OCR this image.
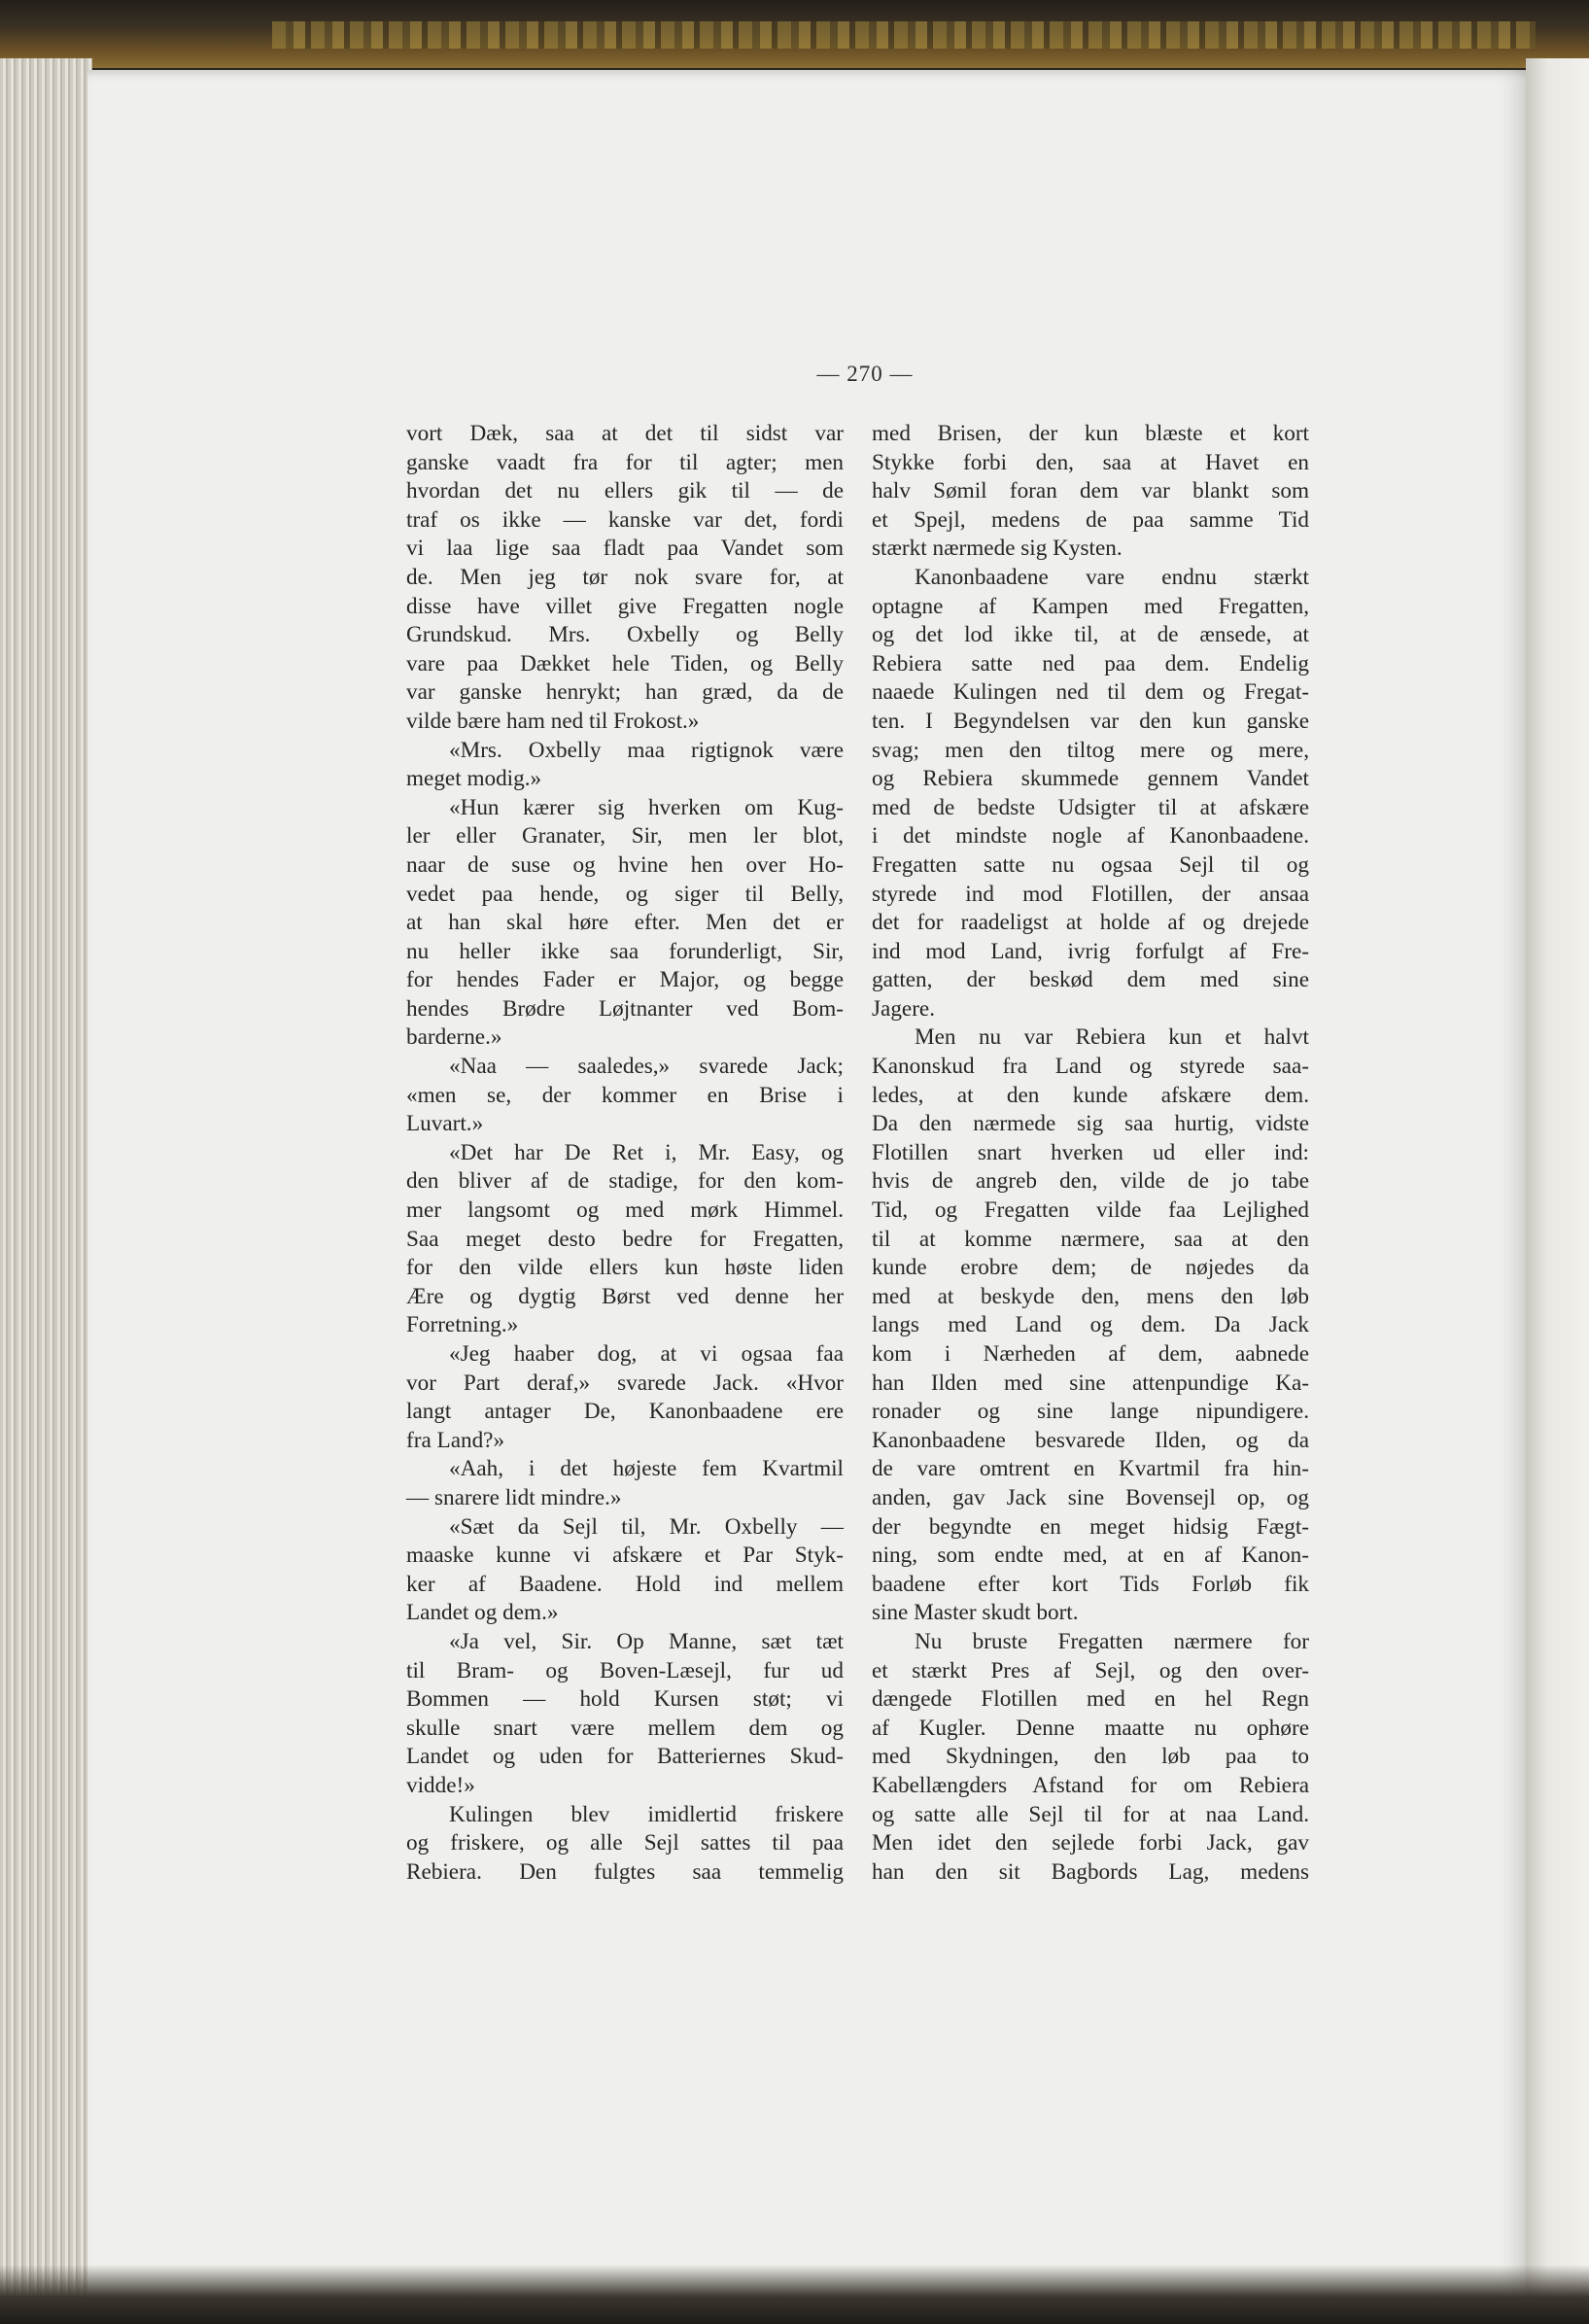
— 270 —
vort Dæk, saa at det til sidst var
ganske vaadt fra for til agter; men
hvordan det nu ellers gik til — de
traf os ikke — kanske var det, fordi
vi laa lige saa fladt paa Vandet som
de. Men jeg tør nok svare for, at
disse have villet give Fregatten nogle
Grundskud. Mrs. Oxbelly og Belly
vare paa Dækket hele Tiden, og Belly
var ganske henrykt; han græd, da de
vilde bære ham ned til Frokost.»
«Mrs. Oxbelly maa rigtignok være
meget modig.»
«Hun kærer sig hverken om Kug-
ler eller Granater, Sir, men ler blot,
naar de suse og hvine hen over Ho-
vedet paa hende, og siger til Belly,
at han skal høre efter. Men det er
nu heller ikke saa forunderligt, Sir,
for hendes Fader er Major, og begge
hendes Brødre Løjtnanter ved Bom-
barderne.»
«Naa — saaledes,» svarede Jack;
«men se, der kommer en Brise i
Luvart.»
«Det har De Ret i, Mr. Easy, og
den bliver af de stadige, for den kom-
mer langsomt og med mørk Himmel.
Saa meget desto bedre for Fregatten,
for den vilde ellers kun høste liden
Ære og dygtig Børst ved denne her
Forretning.»
«Jeg haaber dog, at vi ogsaa faa
vor Part deraf,» svarede Jack. «Hvor
langt antager De, Kanonbaadene ere
fra Land?»
«Aah, i det højeste fem Kvartmil
— snarere lidt mindre.»
«Sæt da Sejl til, Mr. Oxbelly —
maaske kunne vi afskære et Par Styk-
ker af Baadene. Hold ind mellem
Landet og dem.»
«Ja vel, Sir. Op Manne, sæt tæt
til Bram- og Boven-Læsejl, fur ud
Bommen — hold Kursen støt; vi
skulle snart være mellem dem og
Landet og uden for Batteriernes Skud-
vidde!»
Kulingen blev imidlertid friskere
og friskere, og alle Sejl sattes til paa
Rebiera. Den fulgtes saa temmelig
med Brisen, der kun blæste et kort
Stykke forbi den, saa at Havet en
halv Sømil foran dem var blankt som
et Spejl, medens de paa samme Tid
stærkt nærmede sig Kysten.
Kanonbaadene vare endnu stærkt
optagne af Kampen med Fregatten,
og det lod ikke til, at de ænsede, at
Rebiera satte ned paa dem. Endelig
naaede Kulingen ned til dem og Fregat-
ten. I Begyndelsen var den kun ganske
svag; men den tiltog mere og mere,
og Rebiera skummede gennem Vandet
med de bedste Udsigter til at afskære
i det mindste nogle af Kanonbaadene.
Fregatten satte nu ogsaa Sejl til og
styrede ind mod Flotillen, der ansaa
det for raadeligst at holde af og drejede
ind mod Land, ivrig forfulgt af Fre-
gatten, der beskød dem med sine
Jagere.
Men nu var Rebiera kun et halvt
Kanonskud fra Land og styrede saa-
ledes, at den kunde afskære dem.
Da den nærmede sig saa hurtig, vidste
Flotillen snart hverken ud eller ind:
hvis de angreb den, vilde de jo tabe
Tid, og Fregatten vilde faa Lejlighed
til at komme nærmere, saa at den
kunde erobre dem; de nøjedes da
med at beskyde den, mens den løb
langs med Land og dem. Da Jack
kom i Nærheden af dem, aabnede
han Ilden med sine attenpundige Ka-
ronader og sine lange nipundigere.
Kanonbaadene besvarede Ilden, og da
de vare omtrent en Kvartmil fra hin-
anden, gav Jack sine Bovensejl op, og
der begyndte en meget hidsig Fægt-
ning, som endte med, at en af Kanon-
baadene efter kort Tids Forløb fik
sine Master skudt bort.
Nu bruste Fregatten nærmere for
et stærkt Pres af Sejl, og den over-
dængede Flotillen med en hel Regn
af Kugler. Denne maatte nu ophøre
med Skydningen, den løb paa to
Kabellængders Afstand for om Rebiera
og satte alle Sejl til for at naa Land.
Men idet den sejlede forbi Jack, gav
han den sit Bagbords Lag, medens
